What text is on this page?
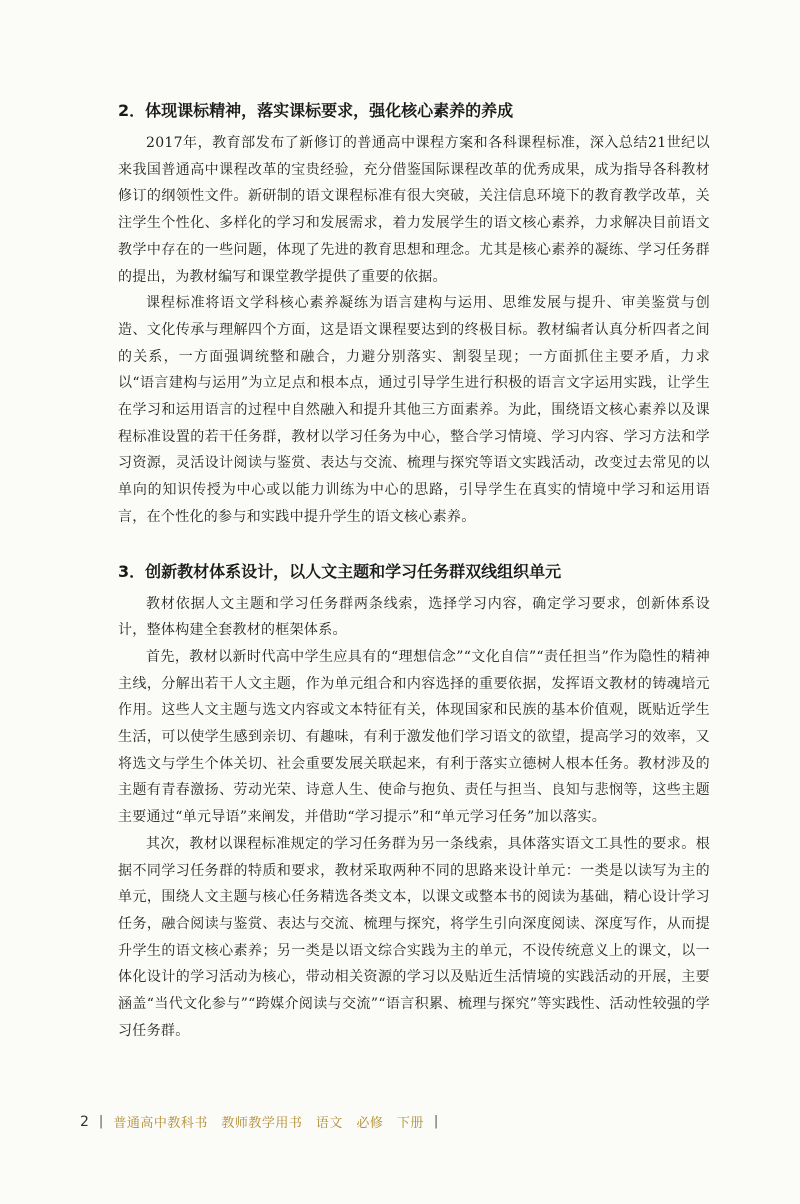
2．体现课标精神，落实课标要求，强化核心素养的养成

2017年，教育部发布了新修订的普通高中课程方案和各科课程标准，深入总结21世纪以来我国普通高中课程改革的宝贵经验，充分借鉴国际课程改革的优秀成果，成为指导各科教材修订的纲领性文件。新研制的语文课程标准有很大突破，关注信息环境下的教育教学改革，关注学生个性化、多样化的学习和发展需求，着力发展学生的语文核心素养，力求解决目前语文教学中存在的一些问题，体现了先进的教育思想和理念。尤其是核心素养的凝练、学习任务群的提出，为教材编写和课堂教学提供了重要的依据。

课程标准将语文学科核心素养凝练为语言建构与运用、思维发展与提升、审美鉴赏与创造、文化传承与理解四个方面，这是语文课程要达到的终极目标。教材编者认真分析四者之间的关系，一方面强调统整和融合，力避分别落实、割裂呈现；一方面抓住主要矛盾，力求以“语言建构与运用”为立足点和根本点，通过引导学生进行积极的语言文字运用实践，让学生在学习和运用语言的过程中自然融入和提升其他三方面素养。为此，围绕语文核心素养以及课程标准设置的若干任务群，教材以学习任务为中心，整合学习情境、学习内容、学习方法和学习资源，灵活设计阅读与鉴赏、表达与交流、梳理与探究等语文实践活动，改变过去常见的以单向的知识传授为中心或以能力训练为中心的思路，引导学生在真实的情境中学习和运用语言，在个性化的参与和实践中提升学生的语文核心素养。

3．创新教材体系设计，以人文主题和学习任务群双线组织单元

教材依据人文主题和学习任务群两条线索，选择学习内容，确定学习要求，创新体系设计，整体构建全套教材的框架体系。

首先，教材以新时代高中学生应具有的“理想信念”“文化自信”“责任担当”作为隐性的精神主线，分解出若干人文主题，作为单元组合和内容选择的重要依据，发挥语文教材的铸魂培元作用。这些人文主题与选文内容或文本特征有关，体现国家和民族的基本价值观，既贴近学生生活，可以使学生感到亲切、有趣味，有利于激发他们学习语文的欲望，提高学习的效率，又将选文与学生个体关切、社会重要发展关联起来，有利于落实立德树人根本任务。教材涉及的主题有青春激扬、劳动光荣、诗意人生、使命与抱负、责任与担当、良知与悲悯等，这些主题主要通过“单元导语”来阐发，并借助“学习提示”和“单元学习任务”加以落实。

其次，教材以课程标准规定的学习任务群为另一条线索，具体落实语文工具性的要求。根据不同学习任务群的特质和要求，教材采取两种不同的思路来设计单元：一类是以读写为主的单元，围绕人文主题与核心任务精选各类文本，以课文或整本书的阅读为基础，精心设计学习任务，融合阅读与鉴赏、表达与交流、梳理与探究，将学生引向深度阅读、深度写作，从而提升学生的语文核心素养；另一类是以语文综合实践为主的单元，不设传统意义上的课文，以一体化设计的学习活动为核心，带动相关资源的学习以及贴近生活情境的实践活动的开展，主要涵盖“当代文化参与”“跨媒介阅读与交流”“语言积累、梳理与探究”等实践性、活动性较强的学习任务群。

2 | 普通高中教科书　教师教学用书　语文　必修　下册 |
